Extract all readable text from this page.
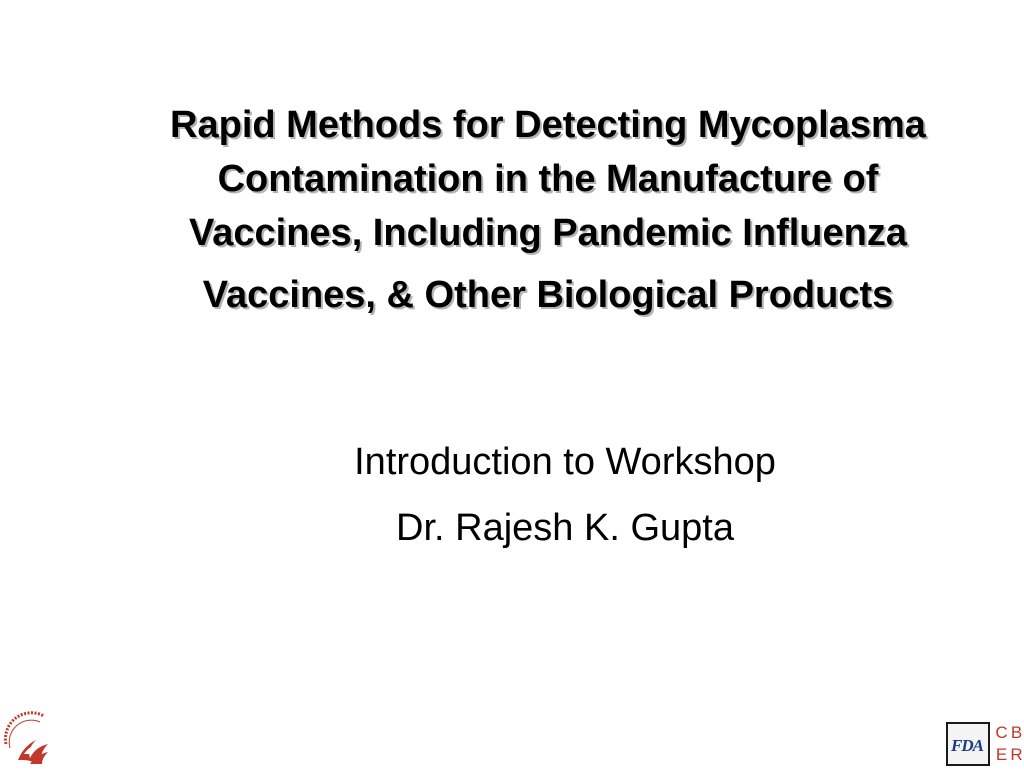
Rapid Methods for Detecting Mycoplasma
Contamination in the Manufacture of
Vaccines, Including Pandemic Influenza
Vaccines, & Other Biological Products
Introduction to Workshop
Dr. Rajesh K. Gupta
FDA
C B
E R
